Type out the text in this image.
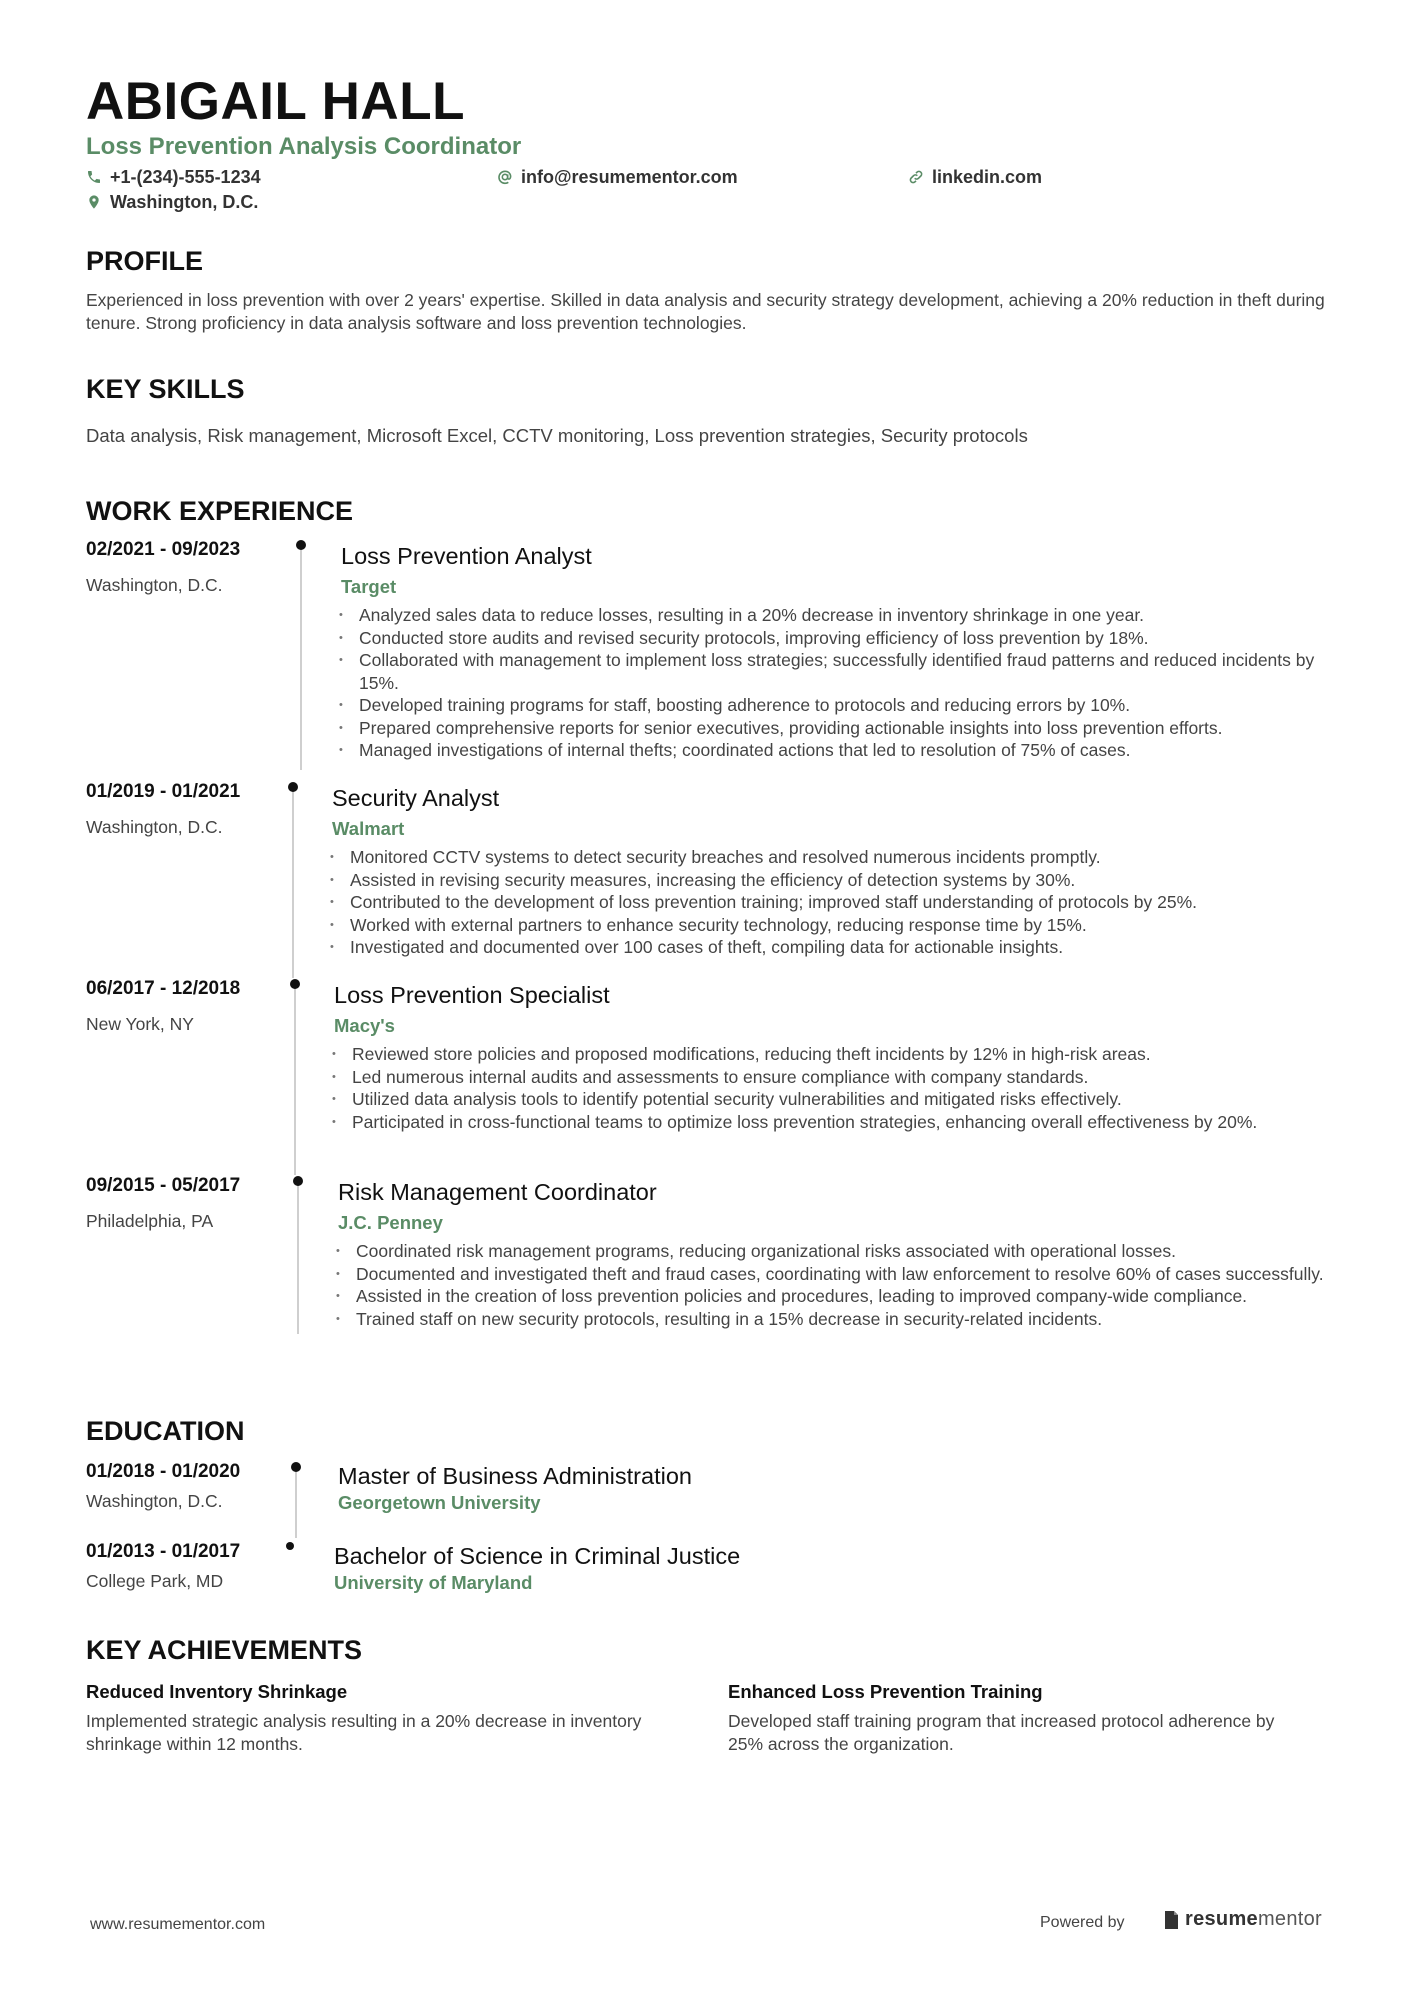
ABIGAIL HALL
Loss Prevention Analysis Coordinator
+1-(234)-555-1234	info@resumementor.com	linkedin.com
Washington, D.C.
PROFILE
Experienced in loss prevention with over 2 years' expertise. Skilled in data analysis and security strategy development, achieving a 20% reduction in theft during tenure. Strong proficiency in data analysis software and loss prevention technologies.
KEY SKILLS
Data analysis, Risk management, Microsoft Excel, CCTV monitoring, Loss prevention strategies, Security protocols
WORK EXPERIENCE
02/2021 - 09/2023
Washington, D.C.
Loss Prevention Analyst
Target
• Analyzed sales data to reduce losses, resulting in a 20% decrease in inventory shrinkage in one year.
• Conducted store audits and revised security protocols, improving efficiency of loss prevention by 18%.
• Collaborated with management to implement loss strategies; successfully identified fraud patterns and reduced incidents by 15%.
• Developed training programs for staff, boosting adherence to protocols and reducing errors by 10%.
• Prepared comprehensive reports for senior executives, providing actionable insights into loss prevention efforts.
• Managed investigations of internal thefts; coordinated actions that led to resolution of 75% of cases.
01/2019 - 01/2021
Washington, D.C.
Security Analyst
Walmart
• Monitored CCTV systems to detect security breaches and resolved numerous incidents promptly.
• Assisted in revising security measures, increasing the efficiency of detection systems by 30%.
• Contributed to the development of loss prevention training; improved staff understanding of protocols by 25%.
• Worked with external partners to enhance security technology, reducing response time by 15%.
• Investigated and documented over 100 cases of theft, compiling data for actionable insights.
06/2017 - 12/2018
New York, NY
Loss Prevention Specialist
Macy's
• Reviewed store policies and proposed modifications, reducing theft incidents by 12% in high-risk areas.
• Led numerous internal audits and assessments to ensure compliance with company standards.
• Utilized data analysis tools to identify potential security vulnerabilities and mitigated risks effectively.
• Participated in cross-functional teams to optimize loss prevention strategies, enhancing overall effectiveness by 20%.
09/2015 - 05/2017
Philadelphia, PA
Risk Management Coordinator
J.C. Penney
• Coordinated risk management programs, reducing organizational risks associated with operational losses.
• Documented and investigated theft and fraud cases, coordinating with law enforcement to resolve 60% of cases successfully.
• Assisted in the creation of loss prevention policies and procedures, leading to improved company-wide compliance.
• Trained staff on new security protocols, resulting in a 15% decrease in security-related incidents.
EDUCATION
01/2018 - 01/2020
Washington, D.C.
Master of Business Administration
Georgetown University
01/2013 - 01/2017
College Park, MD
Bachelor of Science in Criminal Justice
University of Maryland
KEY ACHIEVEMENTS
Reduced Inventory Shrinkage
Implemented strategic analysis resulting in a 20% decrease in inventory shrinkage within 12 months.
Enhanced Loss Prevention Training
Developed staff training program that increased protocol adherence by 25% across the organization.
www.resumementor.com	Powered by	resumementor
